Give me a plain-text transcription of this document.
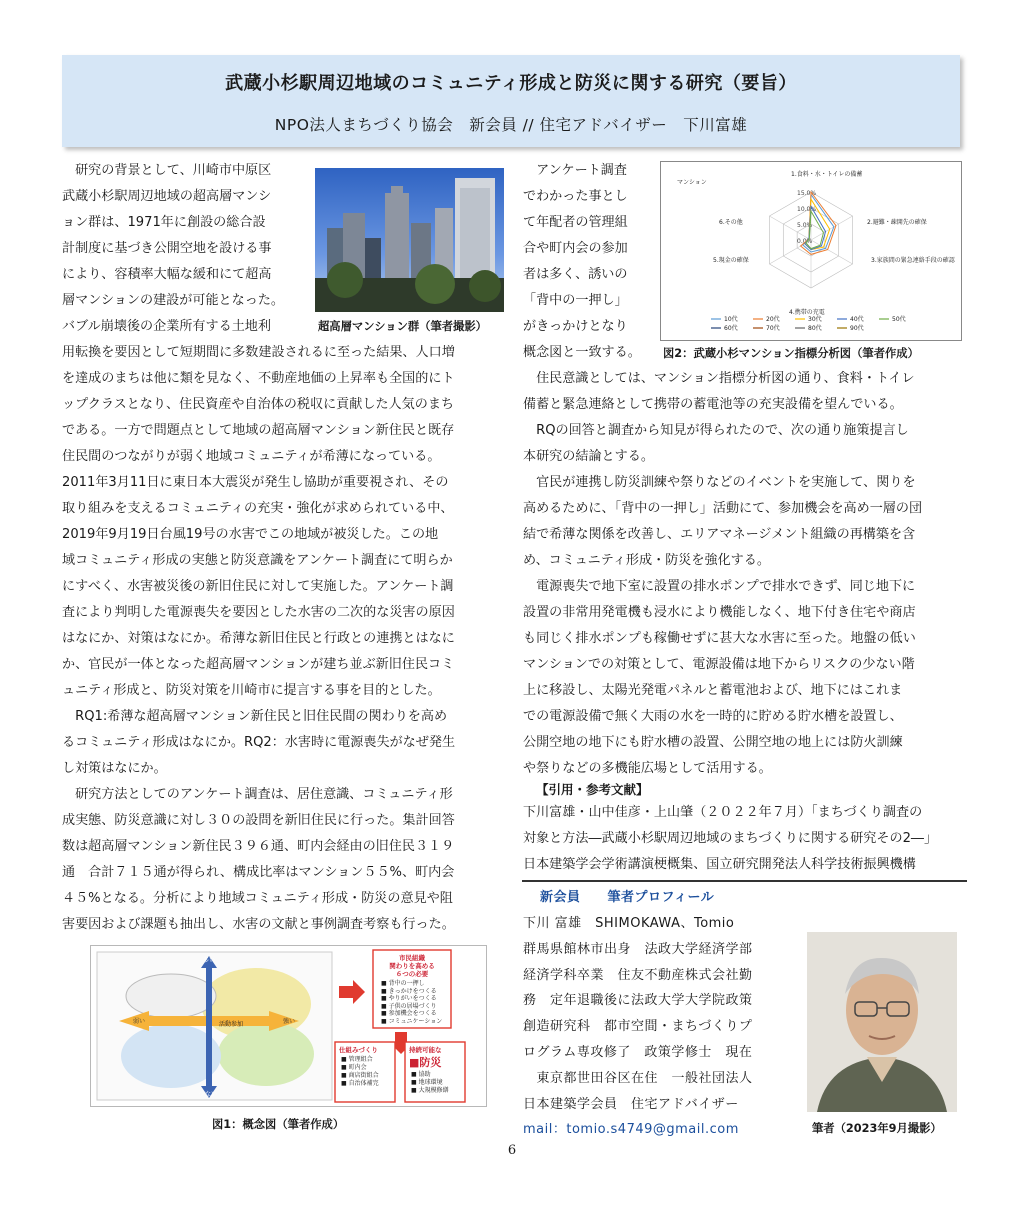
武蔵小杉駅周辺地域のコミュニティ形成と防災に関する研究（要旨）
NPO法人まちづくり協会　新会員 // 住宅アドバイザー　下川富雄
　研究の背景として、川崎市中原区
武蔵小杉駅周辺地域の超高層マンシ
ョン群は、1971年に創設の総合設
計制度に基づき公開空地を設ける事
により、容積率大幅な緩和にて超高
層マンションの建設が可能となった。
バブル崩壊後の企業所有する土地利	超高層マンション群（筆者撮影）
用転換を要因として短期間に多数建設されるに至った結果、人口増
を達成のまちは他に類を見なく、不動産地価の上昇率も全国的にト
ップクラスとなり、住民資産や自治体の税収に貢献した人気のまち
である。一方で問題点として地域の超高層マンション新住民と既存
住民間のつながりが弱く地域コミュニティが希薄になっている。
2011年3月11日に東日本大震災が発生し協助が重要視され、その
取り組みを支えるコミュニティの充実・強化が求められている中、
2019年9月19日台風19号の水害でこの地域が被災した。この地
域コミュニティ形成の実態と防災意識をアンケート調査にて明らか
にすべく、水害被災後の新旧住民に対して実施した。アンケート調
査により判明した電源喪失を要因とした水害の二次的な災害の原因
はなにか、対策はなにか。希薄な新旧住民と行政との連携とはなに
か、官民が一体となった超高層マンションが建ち並ぶ新旧住民コミ
ュニティ形成と、防災対策を川崎市に提言する事を目的とした。
　RQ1:希薄な超高層マンション新住民と旧住民間の関わりを高め
るコミュニティ形成はなにか。RQ2：水害時に電源喪失がなぜ発生
し対策はなにか。
　研究方法としてのアンケート調査は、居住意識、コミュニティ形
成実態、防災意識に対し３０の設問を新旧住民に行った。集計回答
数は超高層マンション新住民３９６通、町内会経由の旧住民３１９
通　合計７１５通が得られ、構成比率はマンション５５%、町内会
４５%となる。分析により地域コミュニティ形成・防災の意見や阻
害要因および課題も抽出し、水害の文献と事例調査考察も行った。
弱い	強い
多い
少ない
活動参加
市民組織
関わりを高める
６つの必要
■ 背中の一押し
■ きっかけをつくる
■ やりがいをつくる
■ 子供の居場づくり
■ 参加機会をつくる
■ コミュニケーション
仕組みづくり
■ 管理組合
■ 町内会
■ 商店街組合
■ 自治体補完
持続可能な
■防災
■ 協助
■ 地球環境
■ 大規模修繕
図1：概念図（筆者作成）
　アンケート調査
でわかった事とし
て年配者の管理組
合や町内会の参加
者は多く、誘いの
「背中の一押し」
がきっかけとなり
概念図と一致する。
マンション
15.0%
10.0%
5.0%
0.0%
1.食料・水・トイレの備蓄
2.避難・疎開先の確保
3.家族間の緊急連絡手段の確認
4.携帯の充電
5.現金の確保
6.その他
10代	20代	30代	40代	50代
60代	70代	80代	90代
図2：武蔵小杉マンション指標分析図（筆者作成）
　住民意識としては、マンション指標分析図の通り、食料・トイレ
備蓄と緊急連絡として携帯の蓄電池等の充実設備を望んでいる。
　RQの回答と調査から知見が得られたので、次の通り施策提言し
本研究の結論とする。
　官民が連携し防災訓練や祭りなどのイベントを実施して、関りを
高めるために、「背中の一押し」活動にて、参加機会を高め一層の団
結で希薄な関係を改善し、エリアマネージメント組織の再構築を含
め、コミュニティ形成・防災を強化する。
　電源喪失で地下室に設置の排水ポンプで排水できず、同じ地下に
設置の非常用発電機も浸水により機能しなく、地下付き住宅や商店
も同じく排水ポンプも稼働せずに甚大な水害に至った。地盤の低い
マンションでの対策として、電源設備は地下からリスクの少ない階
上に移設し、太陽光発電パネルと蓄電池および、地下にはこれま
での電源設備で無く大雨の水を一時的に貯める貯水槽を設置し、
公開空地の地下にも貯水槽の設置、公開空地の地上には防火訓練
や祭りなどの多機能広場として活用する。
【引用・参考文献】
下川富雄・山中佳彦・上山肇（２０２２年７月）「まちづくり調査の
対象と方法―武蔵小杉駅周辺地域のまちづくりに関する研究その2―」
日本建築学会学術講演梗概集、国立研究開発法人科学技術振興機構
新会員　　筆者プロフィール
下川 富雄　SHIMOKAWA、Tomio
群馬県館林市出身　法政大学経済学部
経済学科卒業　住友不動産株式会社勤
務　定年退職後に法政大学大学院政策
創造研究科　都市空間・まちづくりプ
ログラム専攻修了　政策学修士　現在
　東京都世田谷区在住　一般社団法人
日本建築学会員　住宅アドバイザー
mail：tomio.s4749@gmail.com	筆者（2023年9月撮影）
6
